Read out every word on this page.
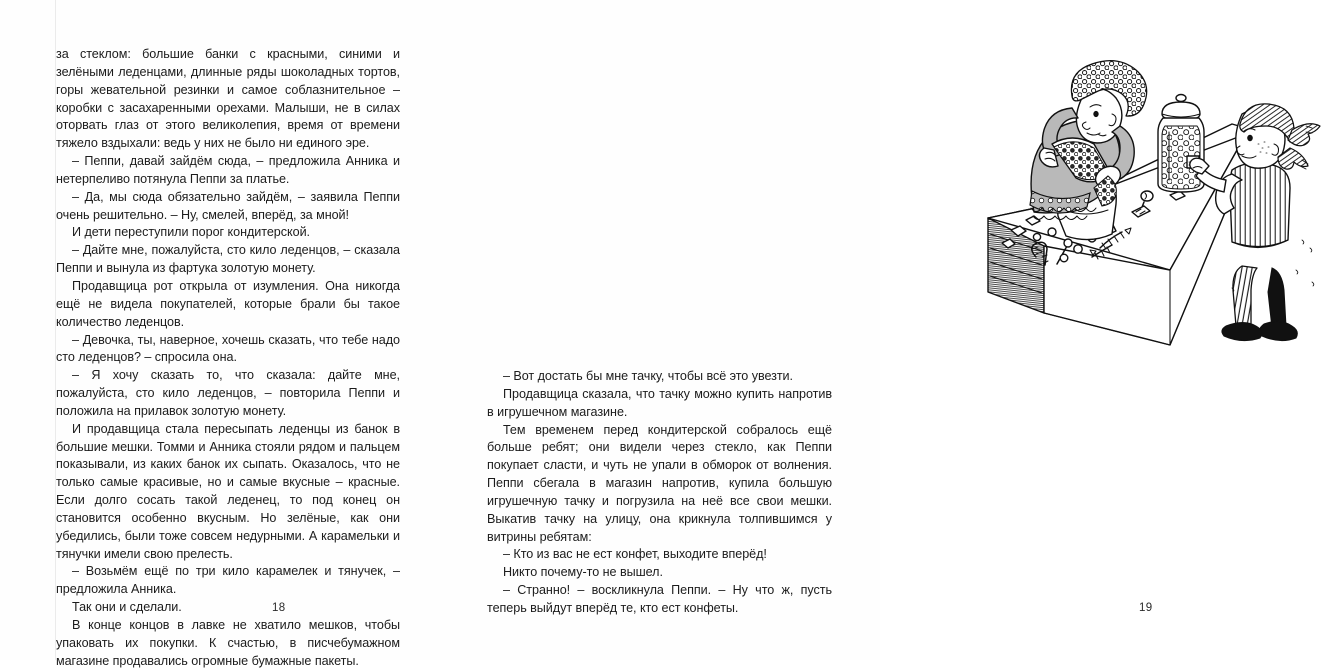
за стеклом: большие банки с красными, синими и зелёными леденцами, длинные ряды шоколадных тортов, горы жевательной резинки и самое соблазнительное – коробки с засахаренными орехами. Малыши, не в силах оторвать глаз от этого великолепия, время от времени тяжело вздыхали: ведь у них не было ни единого эре.

– Пеппи, давай зайдём сюда, – предложила Анника и нетерпеливо потянула Пеппи за платье.

– Да, мы сюда обязательно зайдём, – заявила Пеппи очень решительно. – Ну, смелей, вперёд, за мной!

И дети переступили порог кондитерской.

– Дайте мне, пожалуйста, сто кило леденцов, – сказала Пеппи и вынула из фартука золотую монету.

Продавщица рот открыла от изумления. Она никогда ещё не видела покупателей, которые брали бы такое количество леденцов.

– Девочка, ты, наверное, хочешь сказать, что тебе надо сто леденцов? – спросила она.

– Я хочу сказать то, что сказала: дайте мне, пожалуйста, сто кило леденцов, – повторила Пеппи и положила на прилавок золотую монету.

И продавщица стала пересыпать леденцы из банок в большие мешки. Томми и Анника стояли рядом и пальцем показывали, из каких банок их сыпать. Оказалось, что не только самые красивые, но и самые вкусные – красные. Если долго сосать такой леденец, то под конец он становится особенно вкусным. Но зелёные, как они убедились, были тоже совсем недурными. А карамельки и тянучки имели свою прелесть.

– Возьмём ещё по три кило карамелек и тянучек, – предложила Анника.

Так они и сделали.

В конце концов в лавке не хватило мешков, чтобы упаковать их покупки. К счастью, в писчебумажном магазине продавались огромные бумажные пакеты.

18

– Вот достать бы мне тачку, чтобы всё это увезти.

Продавщица сказала, что тачку можно купить напротив в игрушечном магазине.

Тем временем перед кондитерской собралось ещё больше ребят; они видели через стекло, как Пеппи покупает сласти, и чуть не упали в обморок от волнения. Пеппи сбегала в магазин напротив, купила большую игрушечную тачку и погрузила на неё все свои мешки. Выкатив тачку на улицу, она крикнула толпившимся у витрины ребятам:

– Кто из вас не ест конфет, выходите вперёд!

Никто почему-то не вышел.

– Странно! – воскликнула Пеппи. – Ну что ж, пусть теперь выйдут вперёд те, кто ест конфеты.	19
